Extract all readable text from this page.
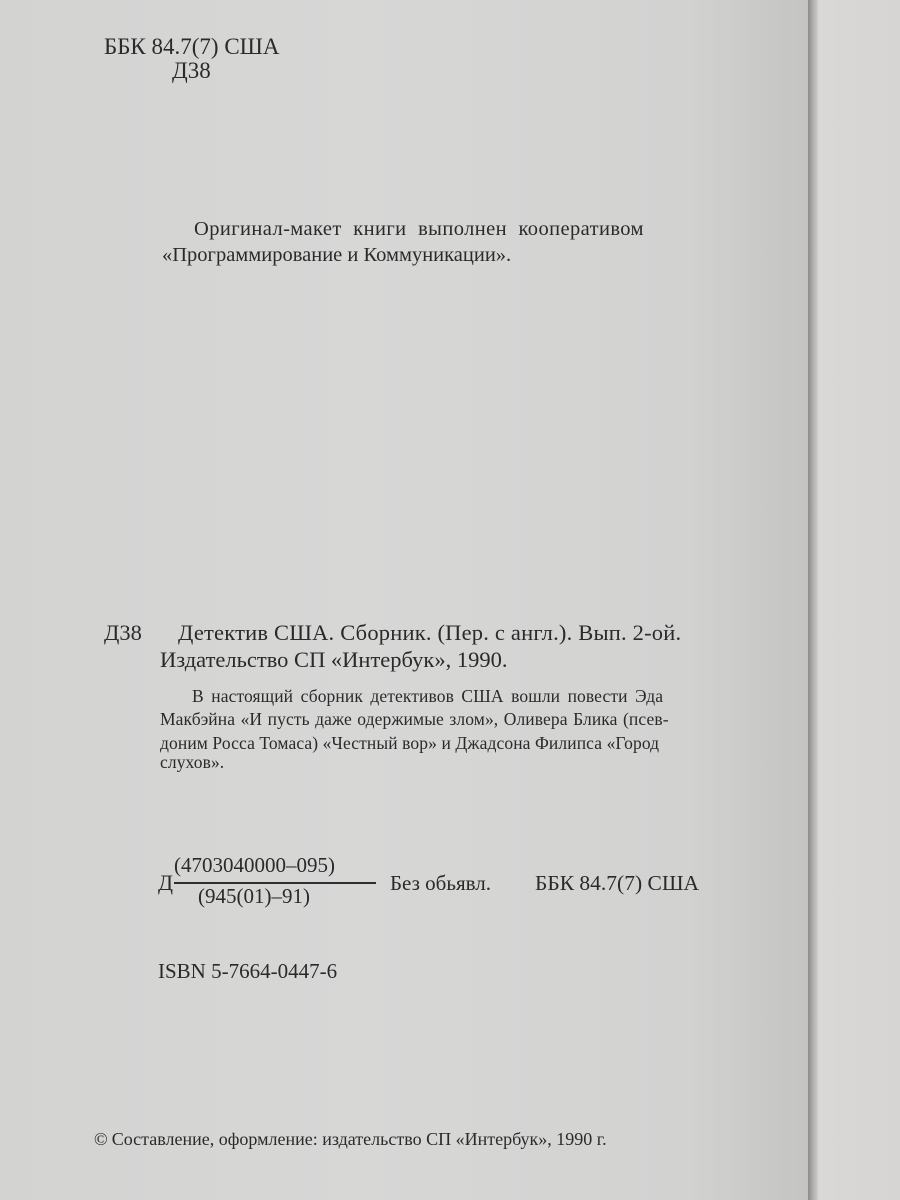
ББК 84.7(7) США
Д38
Оригинал-макет книги выполнен кооперативом
«Программирование и Коммуникации».
Д38 Детектив США. Сборник. (Пер. с англ.). Вып. 2-ой.
Издательство СП «Интербук», 1990.
В настоящий сборник детективов США вошли повести Эда
Макбэйна «И пусть даже одержимые злом», Оливера Блика (псев-
доним Росса Томаса) «Честный вор» и Джадсона Филипса «Город
слухов».
Д
(4703040000–095)
(945(01)–91)
Без обьявл. ББК 84.7(7) США
ISBN 5-7664-0447-6
© Составление, оформление: издательство СП «Интербук», 1990 г.
